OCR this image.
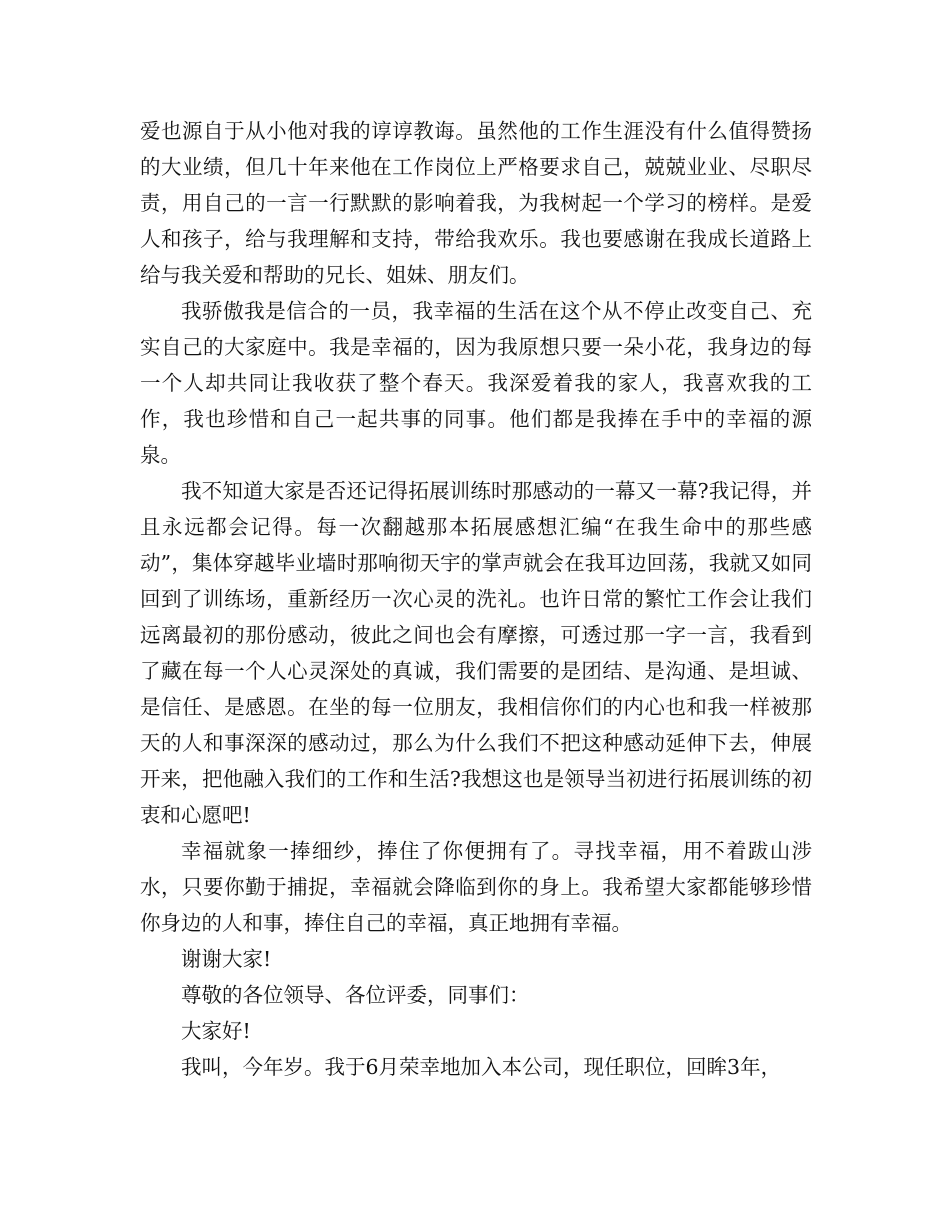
爱也源自于从小他对我的谆谆教诲。虽然他的工作生涯没有什么值得赞扬的大业绩，但几十年来他在工作岗位上严格要求自己，兢兢业业、尽职尽责，用自己的一言一行默默的影响着我，为我树起一个学习的榜样。是爱人和孩子，给与我理解和支持，带给我欢乐。我也要感谢在我成长道路上给与我关爱和帮助的兄长、姐妹、朋友们。

我骄傲我是信合的一员，我幸福的生活在这个从不停止改变自己、充实自己的大家庭中。我是幸福的，因为我原想只要一朵小花，我身边的每一个人却共同让我收获了整个春天。我深爱着我的家人，我喜欢我的工作，我也珍惜和自己一起共事的同事。他们都是我捧在手中的幸福的源泉。

我不知道大家是否还记得拓展训练时那感动的一幕又一幕?我记得，并且永远都会记得。每一次翻越那本拓展感想汇编“在我生命中的那些感动”，集体穿越毕业墙时那响彻天宇的掌声就会在我耳边回荡，我就又如同回到了训练场，重新经历一次心灵的洗礼。也许日常的繁忙工作会让我们远离最初的那份感动，彼此之间也会有摩擦，可透过那一字一言，我看到了藏在每一个人心灵深处的真诚，我们需要的是团结、是沟通、是坦诚、是信任、是感恩。在坐的每一位朋友，我相信你们的内心也和我一样被那天的人和事深深的感动过，那么为什么我们不把这种感动延伸下去，伸展开来，把他融入我们的工作和生活?我想这也是领导当初进行拓展训练的初衷和心愿吧!

幸福就象一捧细纱，捧住了你便拥有了。寻找幸福，用不着跋山涉水，只要你勤于捕捉，幸福就会降临到你的身上。我希望大家都能够珍惜你身边的人和事，捧住自己的幸福，真正地拥有幸福。

谢谢大家!

尊敬的各位领导、各位评委，同事们：

大家好!

我叫，今年岁。我于6月荣幸地加入本公司，现任职位，回眸3年，
